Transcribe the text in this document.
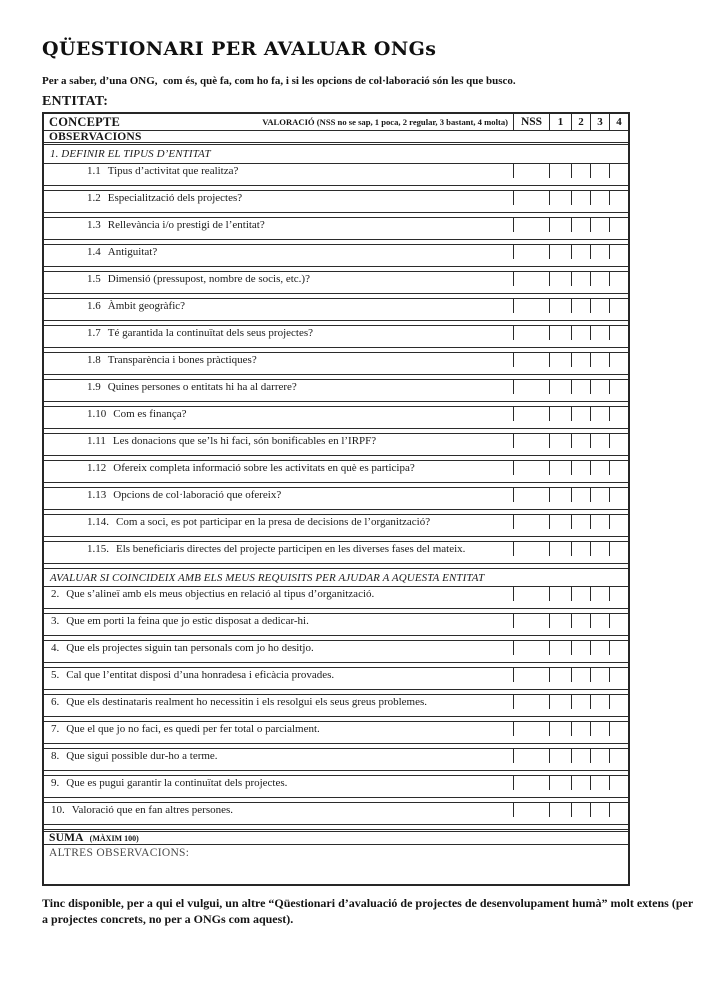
QÜESTIONARI PER AVALUAR ONGs

Per a saber, d’una ONG,  com és, què fa, com ho fa, i si les opcions de col·laboració són les que busco.

ENTITAT:
CONCEPTE	VALORACIÓ (NSS no se sap, 1 poca, 2 regular, 3 bastant, 4 molta)	NSS	1	2	3	4
OBSERVACIONS
1. DEFINIR EL TIPUS D’ENTITAT
1.1 Tipus d’activitat que realitza?
1.2 Especialització dels projectes?
1.3 Rellevància i/o prestigi de l’entitat?
1.4 Antiguitat?
1.5 Dimensió (pressupost, nombre de socis, etc.)?
1.6 Àmbit geogràfic?
1.7 Té garantida la continuïtat dels seus projectes?
1.8 Transparència i bones pràctiques?
1.9 Quines persones o entitats hi ha al darrere?
1.10 Com es finança?
1.11 Les donacions que se’ls hi faci, són bonificables en l’IRPF?
1.12 Ofereix completa informació sobre les activitats en què es participa?
1.13 Opcions de col·laboració que ofereix?
1.14. Com a soci, es pot participar en la presa de decisions de l’organització?
1.15. Els beneficiaris directes del projecte participen en les diverses fases del mateix.
AVALUAR SI COINCIDEIX AMB ELS MEUS REQUISITS PER AJUDAR A AQUESTA ENTITAT
2. Que s’alineï amb els meus objectius en relació al tipus d’organització.
3. Que em porti la feina que jo estic disposat a dedicar-hi.
4. Que els projectes siguin tan personals com jo ho desitjo.
5. Cal que l’entitat disposi d’una honradesa i eficàcia provades.
6. Que els destinataris realment ho necessitin i els resolgui els seus greus problemes.
7. Que el que jo no faci, es quedi per fer total o parcialment.
8. Que sigui possible dur-ho a terme.
9. Que es pugui garantir la continuïtat dels projectes.
10. Valoració que en fan altres persones.
SUMA (MÀXIM 100)
ALTRES OBSERVACIONS:

Tinc disponible, per a qui el vulgui, un altre “Qüestionari d’avaluació de projectes de desenvolupament humà” molt extens (per a projectes concrets, no per a ONGs com aquest).
